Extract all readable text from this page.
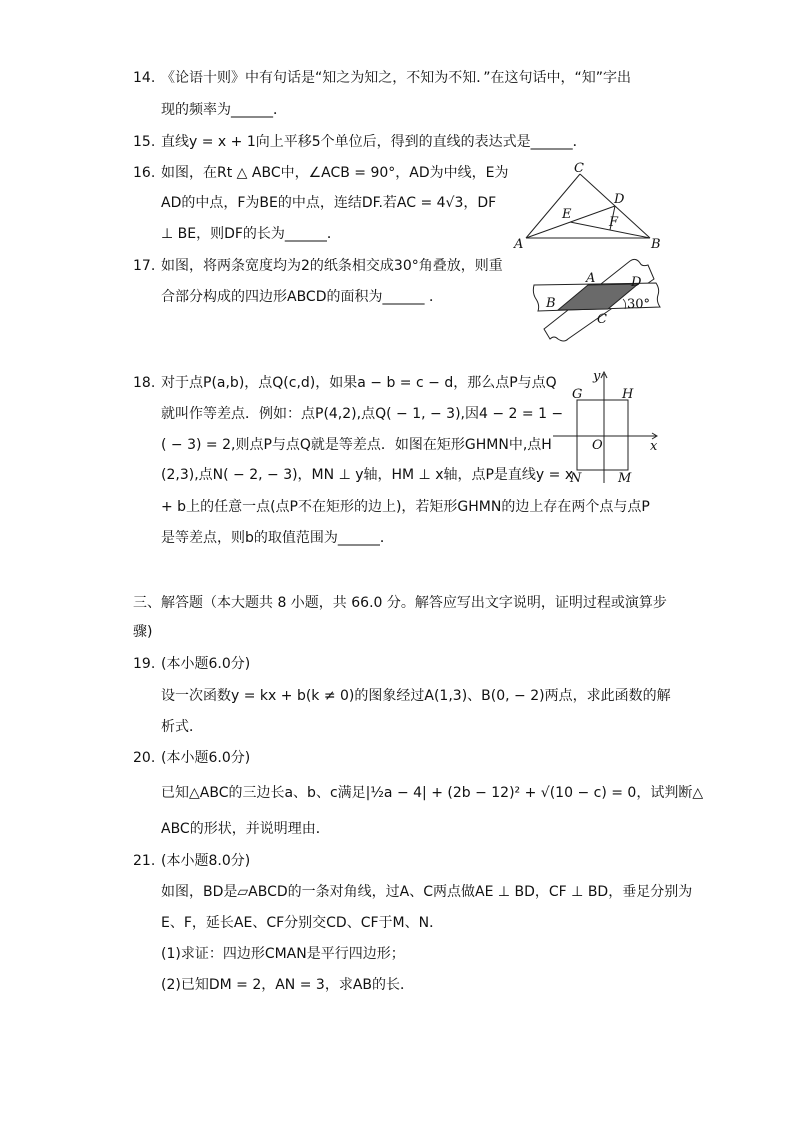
14. 《论语十则》中有句话是“知之为知之，不知为不知．”在这句话中，“知”字出
现的频率为______．
15. 直线y = x + 1向上平移5个单位后，得到的直线的表达式是______．
16. 如图，在Rt △ ABC中，∠ACB = 90°，AD为中线，E为
AD的中点，F为BE的中点，连结DF.若AC = 4√3，DF
⊥ BE，则DF的长为______．
C
A	B
D
E
F
17. 如图，将两条宽度均为2的纸条相交成30°角叠放，则重
合部分构成的四边形ABCD的面积为______ ．
A	D
B
C
30°
18. 对于点P(a,b)，点Q(c,d)，如果a − b = c − d，那么点P与点Q
就叫作等差点．例如：点P(4,2),点Q( − 1, − 3),因4 − 2 = 1 −
( − 3) = 2,则点P与点Q就是等差点．如图在矩形GHMN中,点H
(2,3),点N( − 2, − 3)，MN ⊥ y轴，HM ⊥ x轴，点P是直线y = x
+ b上的任意一点(点P不在矩形的边上)，若矩形GHMN的边上存在两个点与点P
是等差点，则b的取值范围为______．
y
x
G	H
O
N	M
三、解答题（本大题共 8 小题，共 66.0 分。解答应写出文字说明，证明过程或演算步
骤)
19. (本小题6.0分)
设一次函数y = kx + b(k ≠ 0)的图象经过A(1,3)、B(0, − 2)两点，求此函数的解
析式．
20. (本小题6.0分)
已知△ABC的三边长a、b、c满足|½a − 4| + (2b − 12)² + √(10 − c) = 0，试判断△
ABC的形状，并说明理由．
21. (本小题8.0分)
如图，BD是▱ABCD的一条对角线，过A、C两点做AE ⊥ BD，CF ⊥ BD，垂足分别为
E、F，延长AE、CF分别交CD、CF于M、N．
(1)求证：四边形CMAN是平行四边形；
(2)已知DM = 2，AN = 3，求AB的长．
